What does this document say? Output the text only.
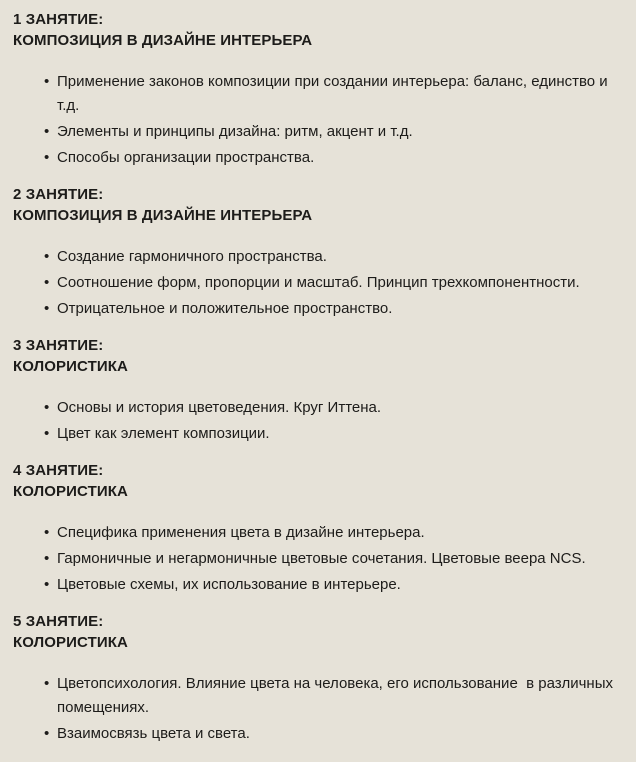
1 ЗАНЯТИЕ:
КОМПОЗИЦИЯ В ДИЗАЙНЕ ИНТЕРЬЕРА
•
Применение законов композиции при создании интерьера: баланс, единство и т.д.
•
Элементы и принципы дизайна: ритм, акцент и т.д.
•
Способы организации пространства.
2 ЗАНЯТИЕ:
КОМПОЗИЦИЯ В ДИЗАЙНЕ ИНТЕРЬЕРА
•
Создание гармоничного пространства.
•
Соотношение форм, пропорции и масштаб. Принцип трехкомпонентности.
•
Отрицательное и положительное пространство.
3 ЗАНЯТИЕ:
КОЛОРИСТИКА
•
Основы и история цветоведения. Круг Иттена.
•
Цвет как элемент композиции.
4 ЗАНЯТИЕ:
КОЛОРИСТИКА
•
Специфика применения цвета в дизайне интерьера.
•
Гармоничные и негармоничные цветовые сочетания. Цветовые веера NCS.
•
Цветовые схемы, их использование в интерьере.
5 ЗАНЯТИЕ:
КОЛОРИСТИКА
•
Цветопсихология. Влияние цвета на человека, его использование  в различных помещениях.
•
Взаимосвязь цвета и света.
